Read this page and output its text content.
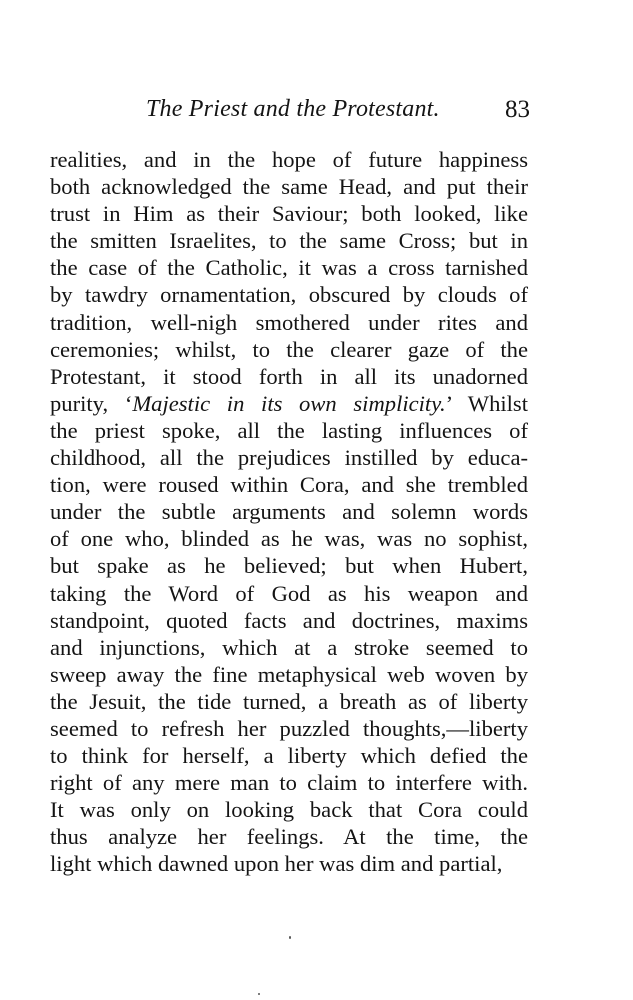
The Priest and the Protestant.	83
realities, and in the hope of future happiness
both acknowledged the same Head, and put their
trust in Him as their Saviour; both looked, like
the smitten Israelites, to the same Cross; but in
the case of the Catholic, it was a cross tarnished
by tawdry ornamentation, obscured by clouds of
tradition, well-nigh smothered under rites and
ceremonies; whilst, to the clearer gaze of the
Protestant, it stood forth in all its unadorned
purity, ‘Majestic in its own simplicity.’ Whilst
the priest spoke, all the lasting influences of
childhood, all the prejudices instilled by educa-
tion, were roused within Cora, and she trembled
under the subtle arguments and solemn words
of one who, blinded as he was, was no sophist,
but spake as he believed; but when Hubert,
taking the Word of God as his weapon and
standpoint, quoted facts and doctrines, maxims
and injunctions, which at a stroke seemed to
sweep away the fine metaphysical web woven by
the Jesuit, the tide turned, a breath as of liberty
seemed to refresh her puzzled thoughts,—liberty
to think for herself, a liberty which defied the
right of any mere man to claim to interfere with.
It was only on looking back that Cora could
thus analyze her feelings. At the time, the
light which dawned upon her was dim and partial,
